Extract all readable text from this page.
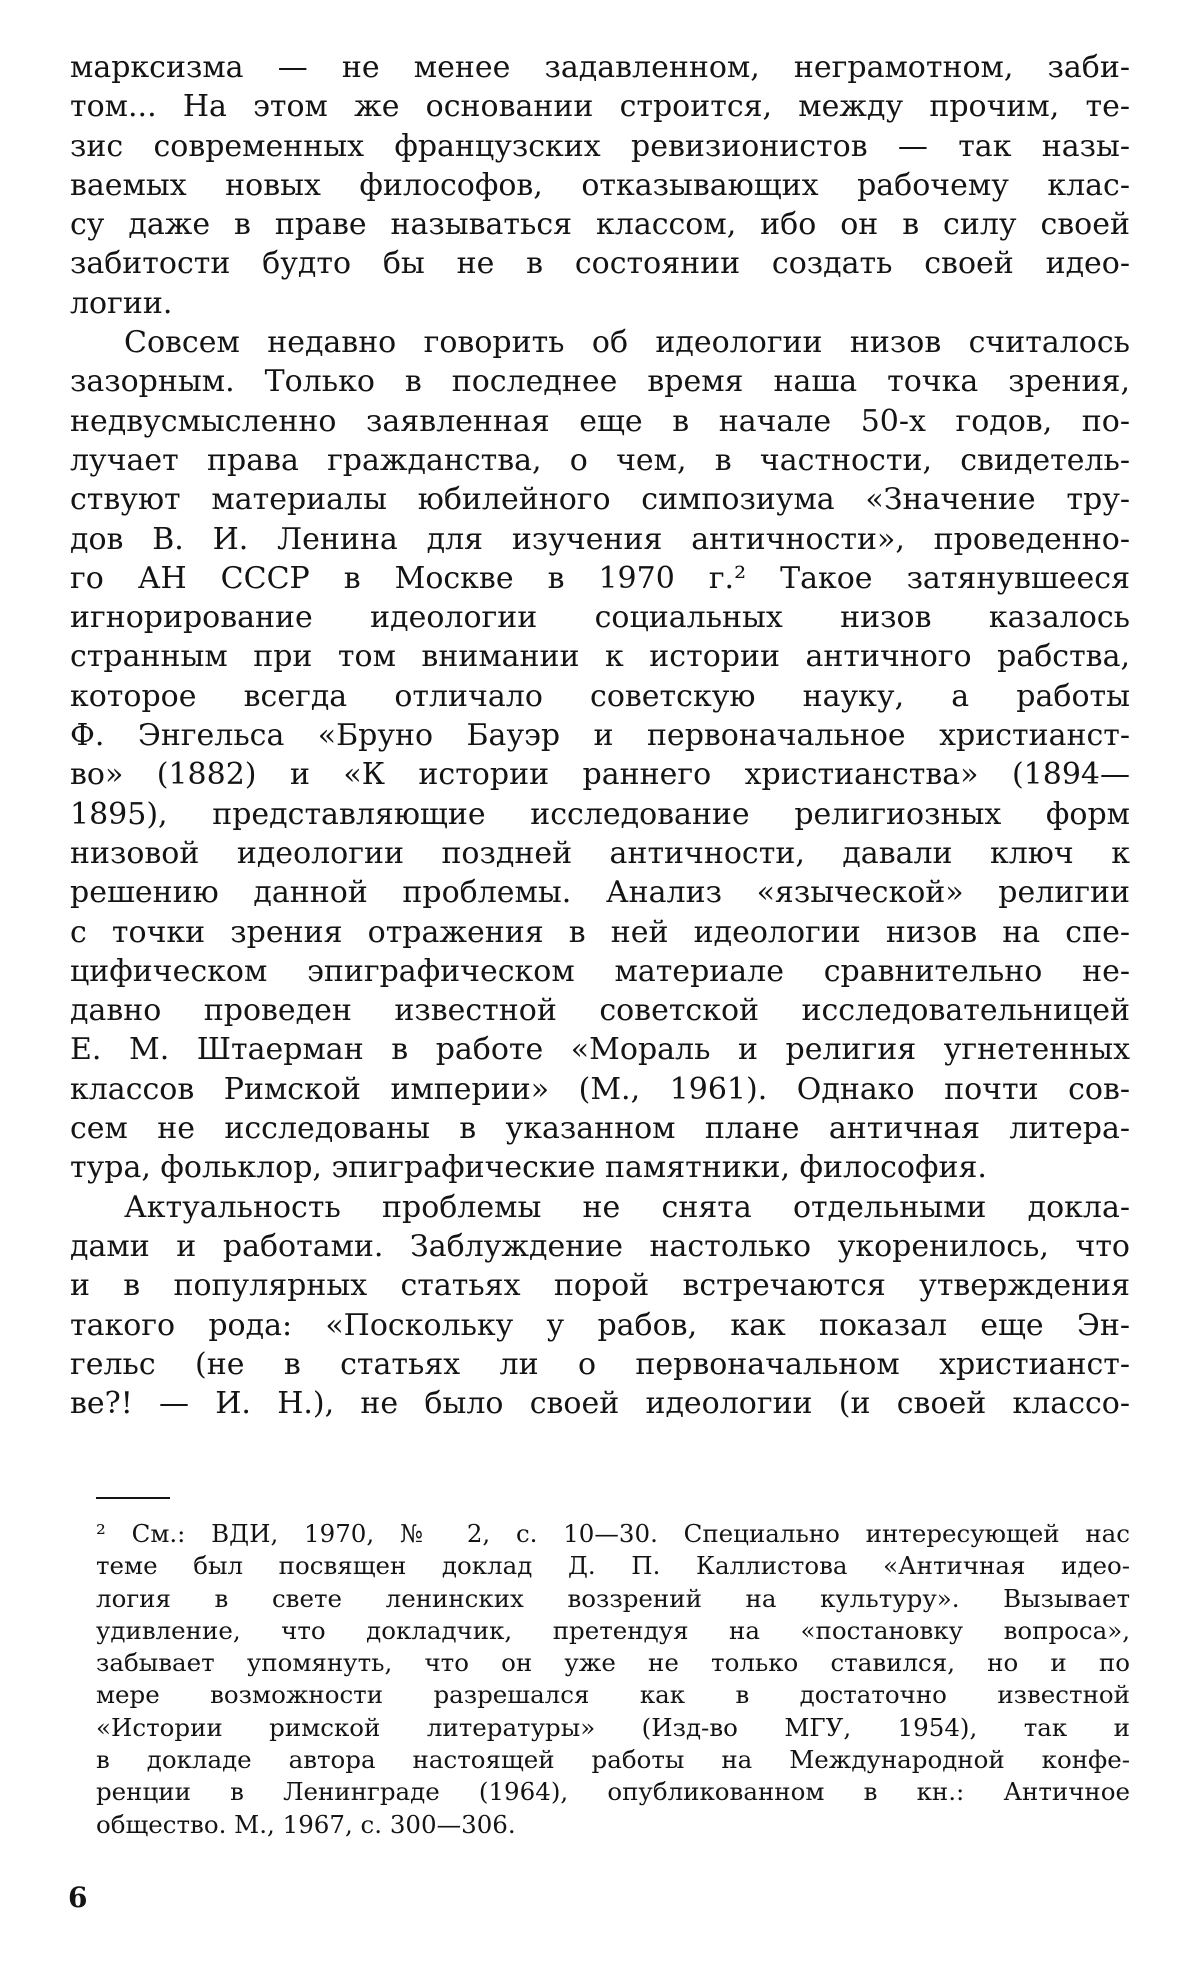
марксизма — не менее задавленном, неграмотном, заби-
том... На этом же основании строится, между прочим, те-
зис современных французских ревизионистов — так назы-
ваемых новых философов, отказывающих рабочему клас-
су даже в праве называться классом, ибо он в силу своей
забитости будто бы не в состоянии создать своей идео-
логии.
Совсем недавно говорить об идеологии низов считалось
зазорным. Только в последнее время наша точка зрения,
недвусмысленно заявленная еще в начале 50-х годов, по-
лучает права гражданства, о чем, в частности, свидетель-
ствуют материалы юбилейного симпозиума «Значение тру-
дов В. И. Ленина для изучения античности», проведенно-
го АН СССР в Москве в 1970 г.² Такое затянувшееся
игнорирование идеологии социальных низов казалось
странным при том внимании к истории античного рабства,
которое всегда отличало советскую науку, а работы
Ф. Энгельса «Бруно Бауэр и первоначальное христианст-
во» (1882) и «К истории раннего христианства» (1894—
1895), представляющие исследование религиозных форм
низовой идеологии поздней античности, давали ключ к
решению данной проблемы. Анализ «языческой» религии
с точки зрения отражения в ней идеологии низов на спе-
цифическом эпиграфическом материале сравнительно не-
давно проведен известной советской исследовательницей
Е. М. Штаерман в работе «Мораль и религия угнетенных
классов Римской империи» (М., 1961). Однако почти сов-
сем не исследованы в указанном плане античная литера-
тура, фольклор, эпиграфические памятники, философия.
Актуальность проблемы не снята отдельными докла-
дами и работами. Заблуждение настолько укоренилось, что
и в популярных статьях порой встречаются утверждения
такого рода: «Поскольку у рабов, как показал еще Эн-
гельс (не в статьях ли о первоначальном христианст-
ве?! — И. Н.), не было своей идеологии (и своей классо-
² См.: ВДИ, 1970, № 2, с. 10—30. Специально интересующей нас
теме был посвящен доклад Д. П. Каллистова «Античная идео-
логия в свете ленинских воззрений на культуру». Вызывает
удивление, что докладчик, претендуя на «постановку вопроса»,
забывает упомянуть, что он уже не только ставился, но и по
мере возможности разрешался как в достаточно известной
«Истории римской литературы» (Изд-во МГУ, 1954), так и
в докладе автора настоящей работы на Международной конфе-
ренции в Ленинграде (1964), опубликованном в кн.: Античное
общество. М., 1967, с. 300—306.
6
